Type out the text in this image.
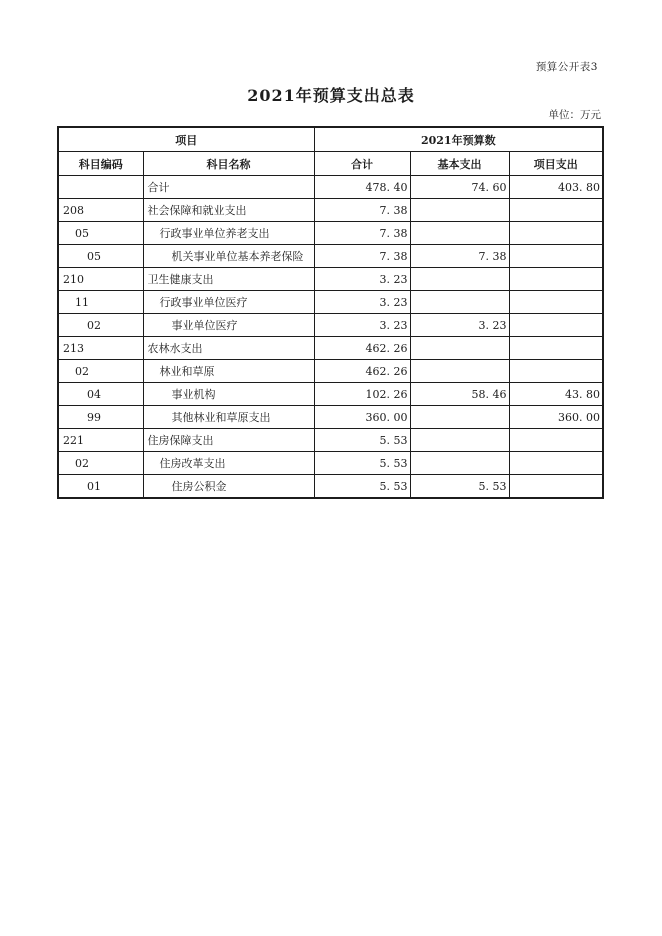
预算公开表3
2021年预算支出总表
单位：万元
项目		2021年预算数		
科目编码	科目名称	合计	基本支出	项目支出
	合计	478. 40	74. 60	403. 80
208	社会保障和就业支出	7. 38		
05	行政事业单位养老支出	7. 38		
05	机关事业单位基本养老保险	7. 38	7. 38	
210	卫生健康支出	3. 23		
11	行政事业单位医疗	3. 23		
02	事业单位医疗	3. 23	3. 23	
213	农林水支出	462. 26		
02	林业和草原	462. 26		
04	事业机构	102. 26	58. 46	43. 80
99	其他林业和草原支出	360. 00		360. 00
221	住房保障支出	5. 53		
02	住房改革支出	5. 53		
01	住房公积金	5. 53	5. 53	
